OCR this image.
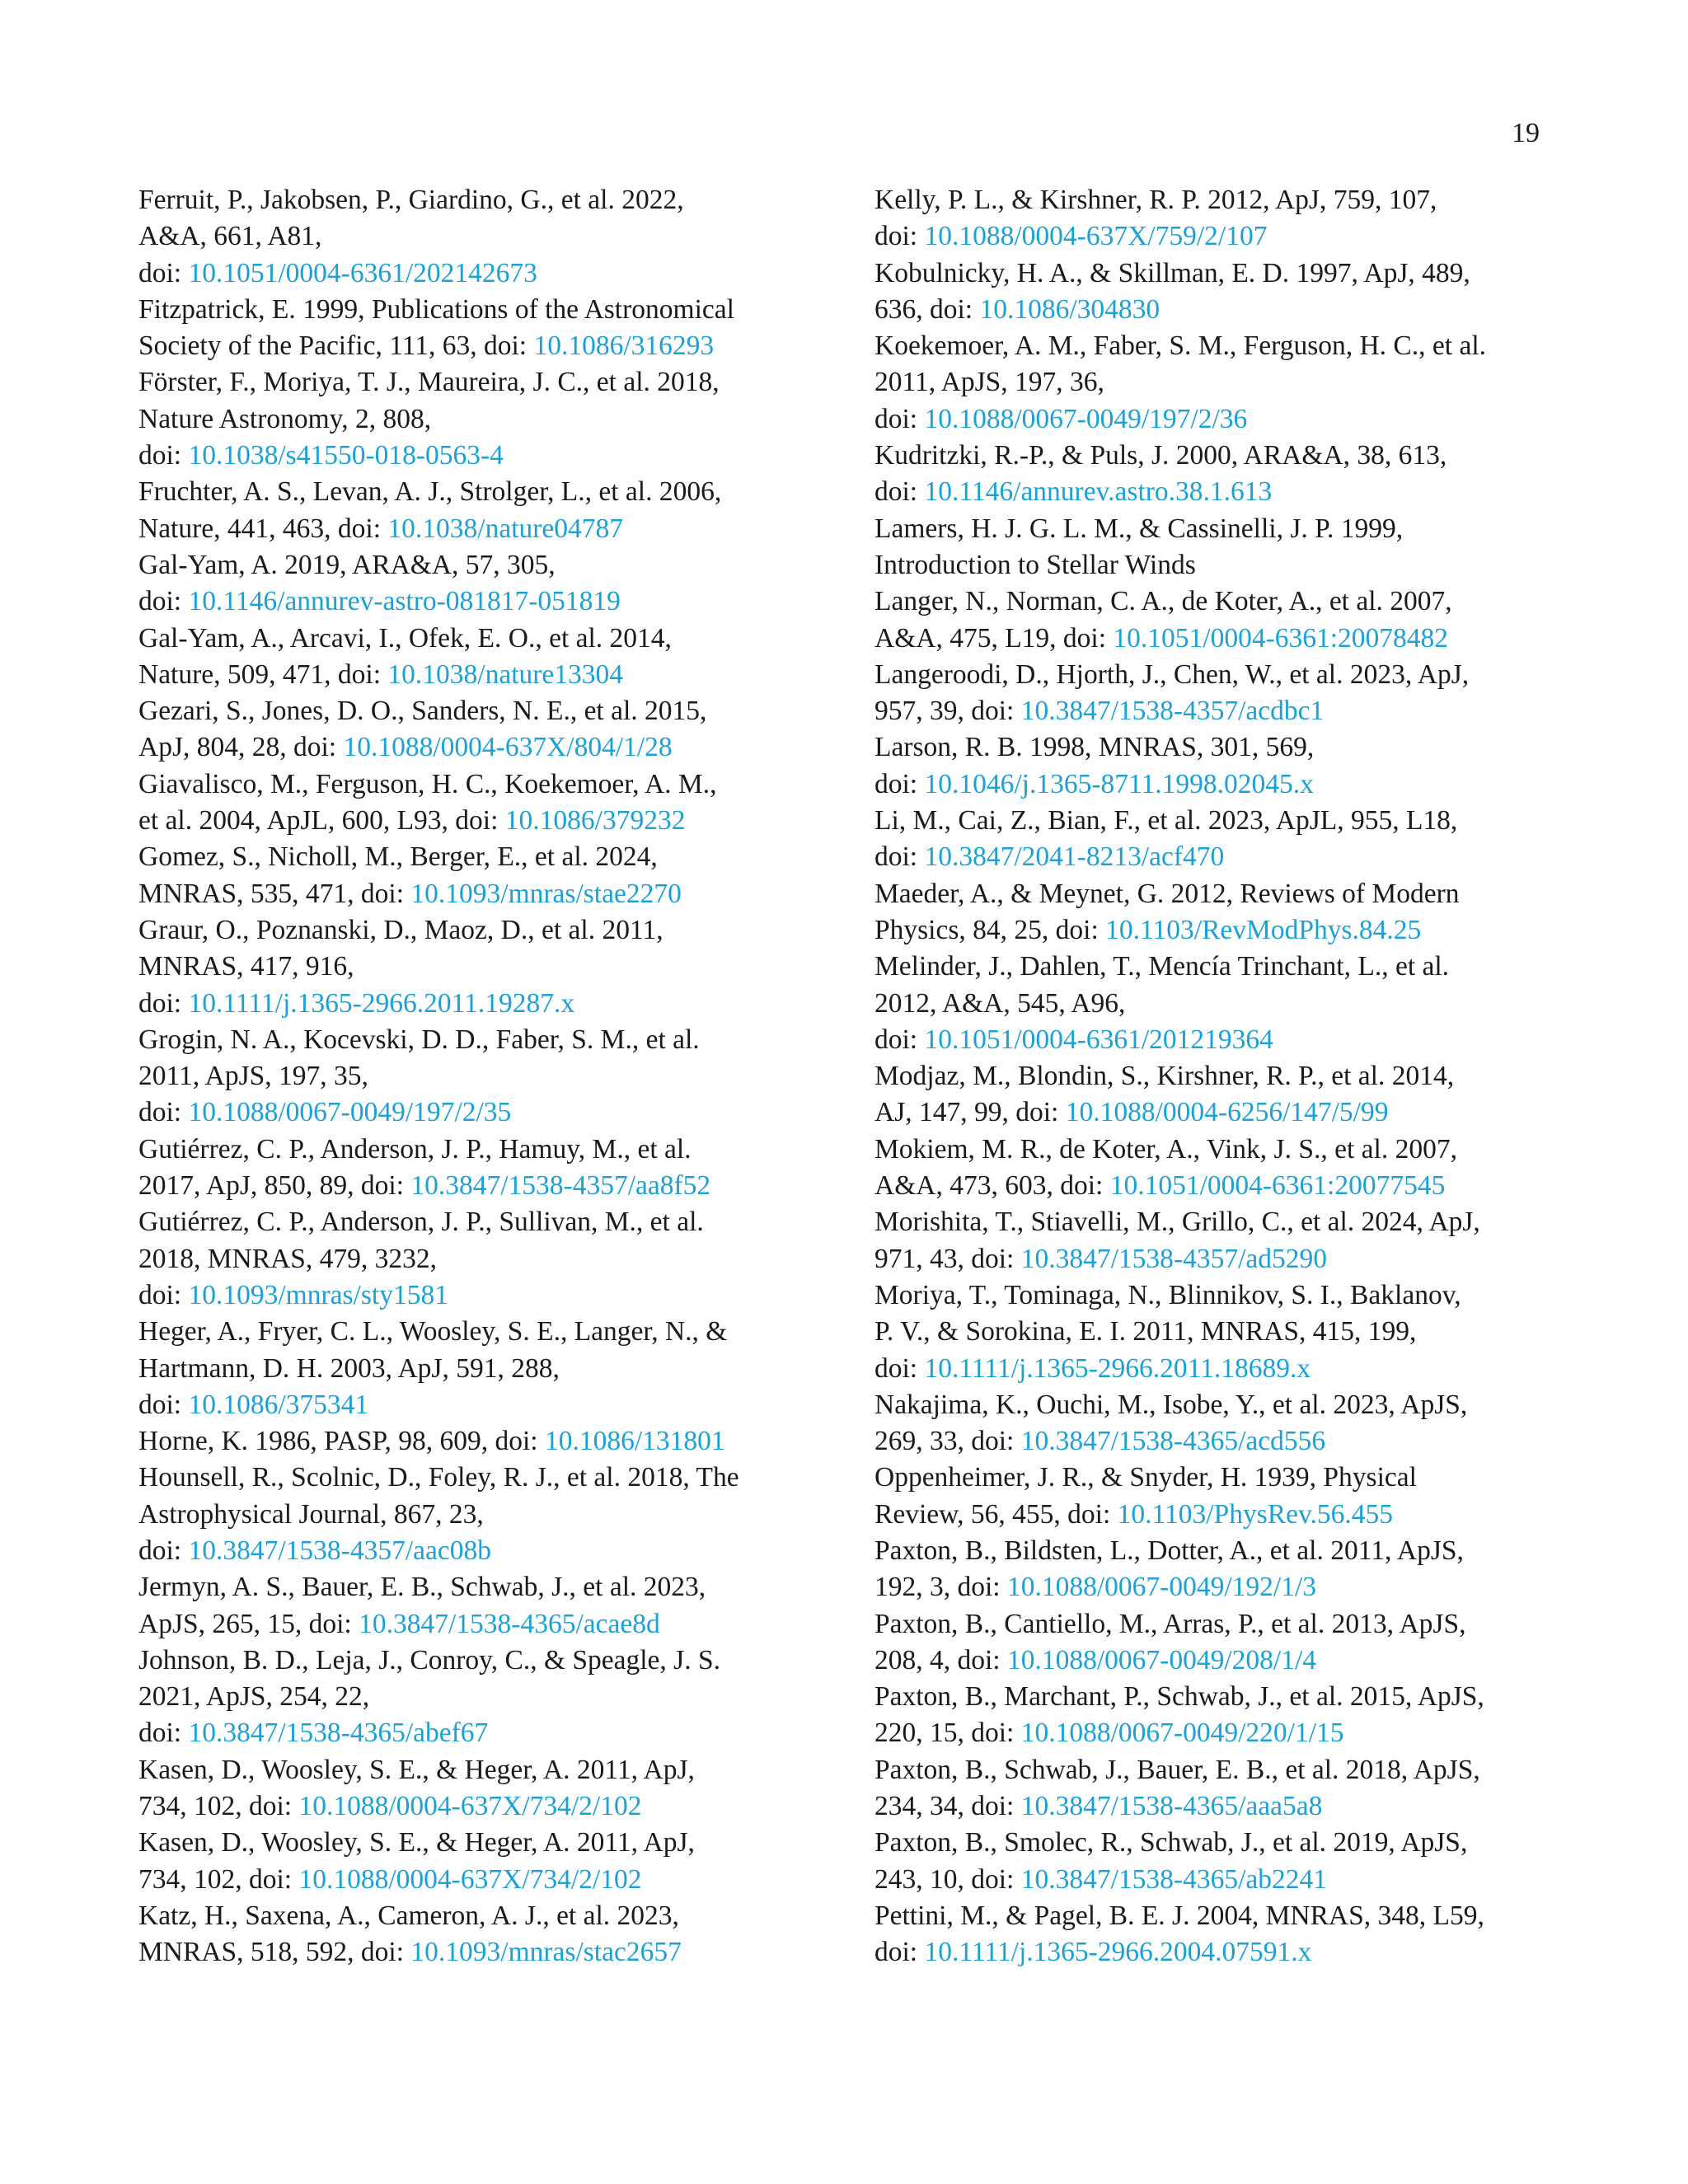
19
Ferruit, P., Jakobsen, P., Giardino, G., et al. 2022,
A&A, 661, A81,
doi: 10.1051/0004-6361/202142673
Fitzpatrick, E. 1999, Publications of the Astronomical
Society of the Pacific, 111, 63, doi: 10.1086/316293
Förster, F., Moriya, T. J., Maureira, J. C., et al. 2018,
Nature Astronomy, 2, 808,
doi: 10.1038/s41550-018-0563-4
Fruchter, A. S., Levan, A. J., Strolger, L., et al. 2006,
Nature, 441, 463, doi: 10.1038/nature04787
Gal-Yam, A. 2019, ARA&A, 57, 305,
doi: 10.1146/annurev-astro-081817-051819
Gal-Yam, A., Arcavi, I., Ofek, E. O., et al. 2014,
Nature, 509, 471, doi: 10.1038/nature13304
Gezari, S., Jones, D. O., Sanders, N. E., et al. 2015,
ApJ, 804, 28, doi: 10.1088/0004-637X/804/1/28
Giavalisco, M., Ferguson, H. C., Koekemoer, A. M.,
et al. 2004, ApJL, 600, L93, doi: 10.1086/379232
Gomez, S., Nicholl, M., Berger, E., et al. 2024,
MNRAS, 535, 471, doi: 10.1093/mnras/stae2270
Graur, O., Poznanski, D., Maoz, D., et al. 2011,
MNRAS, 417, 916,
doi: 10.1111/j.1365-2966.2011.19287.x
Grogin, N. A., Kocevski, D. D., Faber, S. M., et al.
2011, ApJS, 197, 35,
doi: 10.1088/0067-0049/197/2/35
Gutiérrez, C. P., Anderson, J. P., Hamuy, M., et al.
2017, ApJ, 850, 89, doi: 10.3847/1538-4357/aa8f52
Gutiérrez, C. P., Anderson, J. P., Sullivan, M., et al.
2018, MNRAS, 479, 3232,
doi: 10.1093/mnras/sty1581
Heger, A., Fryer, C. L., Woosley, S. E., Langer, N., &
Hartmann, D. H. 2003, ApJ, 591, 288,
doi: 10.1086/375341
Horne, K. 1986, PASP, 98, 609, doi: 10.1086/131801
Hounsell, R., Scolnic, D., Foley, R. J., et al. 2018, The
Astrophysical Journal, 867, 23,
doi: 10.3847/1538-4357/aac08b
Jermyn, A. S., Bauer, E. B., Schwab, J., et al. 2023,
ApJS, 265, 15, doi: 10.3847/1538-4365/acae8d
Johnson, B. D., Leja, J., Conroy, C., & Speagle, J. S.
2021, ApJS, 254, 22,
doi: 10.3847/1538-4365/abef67
Kasen, D., Woosley, S. E., & Heger, A. 2011, ApJ,
734, 102, doi: 10.1088/0004-637X/734/2/102
Kasen, D., Woosley, S. E., & Heger, A. 2011, ApJ,
734, 102, doi: 10.1088/0004-637X/734/2/102
Katz, H., Saxena, A., Cameron, A. J., et al. 2023,
MNRAS, 518, 592, doi: 10.1093/mnras/stac2657
Kelly, P. L., & Kirshner, R. P. 2012, ApJ, 759, 107,
doi: 10.1088/0004-637X/759/2/107
Kobulnicky, H. A., & Skillman, E. D. 1997, ApJ, 489,
636, doi: 10.1086/304830
Koekemoer, A. M., Faber, S. M., Ferguson, H. C., et al.
2011, ApJS, 197, 36,
doi: 10.1088/0067-0049/197/2/36
Kudritzki, R.-P., & Puls, J. 2000, ARA&A, 38, 613,
doi: 10.1146/annurev.astro.38.1.613
Lamers, H. J. G. L. M., & Cassinelli, J. P. 1999,
Introduction to Stellar Winds
Langer, N., Norman, C. A., de Koter, A., et al. 2007,
A&A, 475, L19, doi: 10.1051/0004-6361:20078482
Langeroodi, D., Hjorth, J., Chen, W., et al. 2023, ApJ,
957, 39, doi: 10.3847/1538-4357/acdbc1
Larson, R. B. 1998, MNRAS, 301, 569,
doi: 10.1046/j.1365-8711.1998.02045.x
Li, M., Cai, Z., Bian, F., et al. 2023, ApJL, 955, L18,
doi: 10.3847/2041-8213/acf470
Maeder, A., & Meynet, G. 2012, Reviews of Modern
Physics, 84, 25, doi: 10.1103/RevModPhys.84.25
Melinder, J., Dahlen, T., Mencía Trinchant, L., et al.
2012, A&A, 545, A96,
doi: 10.1051/0004-6361/201219364
Modjaz, M., Blondin, S., Kirshner, R. P., et al. 2014,
AJ, 147, 99, doi: 10.1088/0004-6256/147/5/99
Mokiem, M. R., de Koter, A., Vink, J. S., et al. 2007,
A&A, 473, 603, doi: 10.1051/0004-6361:20077545
Morishita, T., Stiavelli, M., Grillo, C., et al. 2024, ApJ,
971, 43, doi: 10.3847/1538-4357/ad5290
Moriya, T., Tominaga, N., Blinnikov, S. I., Baklanov,
P. V., & Sorokina, E. I. 2011, MNRAS, 415, 199,
doi: 10.1111/j.1365-2966.2011.18689.x
Nakajima, K., Ouchi, M., Isobe, Y., et al. 2023, ApJS,
269, 33, doi: 10.3847/1538-4365/acd556
Oppenheimer, J. R., & Snyder, H. 1939, Physical
Review, 56, 455, doi: 10.1103/PhysRev.56.455
Paxton, B., Bildsten, L., Dotter, A., et al. 2011, ApJS,
192, 3, doi: 10.1088/0067-0049/192/1/3
Paxton, B., Cantiello, M., Arras, P., et al. 2013, ApJS,
208, 4, doi: 10.1088/0067-0049/208/1/4
Paxton, B., Marchant, P., Schwab, J., et al. 2015, ApJS,
220, 15, doi: 10.1088/0067-0049/220/1/15
Paxton, B., Schwab, J., Bauer, E. B., et al. 2018, ApJS,
234, 34, doi: 10.3847/1538-4365/aaa5a8
Paxton, B., Smolec, R., Schwab, J., et al. 2019, ApJS,
243, 10, doi: 10.3847/1538-4365/ab2241
Pettini, M., & Pagel, B. E. J. 2004, MNRAS, 348, L59,
doi: 10.1111/j.1365-2966.2004.07591.x
